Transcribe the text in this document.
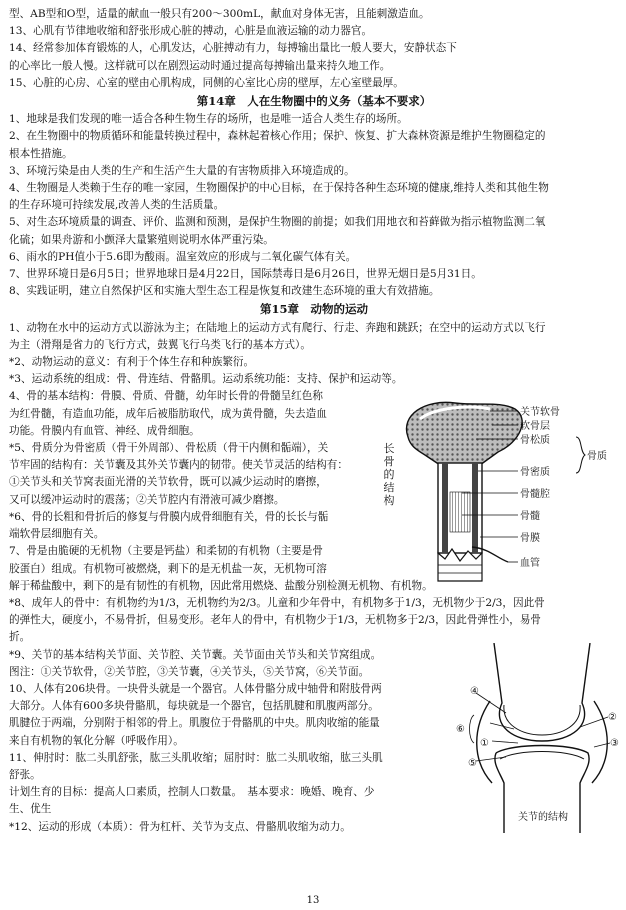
型、AB型和O型，适量的献血一般只有200～300mL，献血对身体无害，且能刺激造血。

13、心肌有节律地收缩和舒张形成心脏的搏动，心脏是血液运输的动力器官。

14、经常参加体育锻炼的人，心肌发达，心脏搏动有力，每搏输出量比一般人要大，安静状态下

的心率比一般人慢。这样就可以在剧烈运动时通过提高每搏输出量来持久地工作。

15、心脏的心房、心室的壁由心肌构成，同侧的心室比心房的壁厚，左心室壁最厚。

第14章　人在生物圈中的义务（基本不要求）

1、地球是我们发现的唯一适合各种生物生存的场所，也是唯一适合人类生存的场所。

2、在生物圈中的物质循环和能量转换过程中，森林起着核心作用；保护、恢复、扩大森林资源是维护生物圈稳定的

根本性措施。

3、环境污染是由人类的生产和生活产生大量的有害物质排入环境造成的。

4、生物圈是人类赖于生存的唯一家园，生物圈保护的中心目标，在于保持各种生态环境的健康,维持人类和其他生物

的生存环境可持续发展,改善人类的生活质量。

5、对生态环境质量的调查、评价、监测和预测，是保护生物圈的前提；如我们用地衣和苔藓做为指示植物监测二氧

化硫；如果舟游和小颤泽大量繁殖则说明水体严重污染。

6、雨水的PH值小于5.6即为酸雨。温室效应的形成与二氧化碳气体有关。

7、世界环境日是6月5日；世界地球日是4月22日，国际禁毒日是6月26日，世界无烟日是5月31日。

8、实践证明，建立自然保护区和实施大型生态工程是恢复和改建生态环境的重大有效措施。

第15章　动物的运动

1、动物在水中的运动方式以游泳为主；在陆地上的运动方式有爬行、行走、奔跑和跳跃；在空中的运动方式以飞行

为主（滑翔是省力的飞行方式，鼓翼飞行乌类飞行的基本方式）。

*2、动物运动的意义：有利于个体生存和种族繁衍。

*3、运动系统的组成：骨、骨连结、骨骼肌。运动系统功能：支持、保护和运动等。

4、骨的基本结构：骨膜、骨质、骨髓，幼年时长骨的骨髓呈红色称

为红骨髓，有造血功能，成年后被脂肪取代，成为黄骨髓，失去造血

功能。骨膜内有血管、神经、成骨细胞。

*5、骨质分为骨密质（骨干外周部）、骨松质（骨干内侧和骺端），关

节牢固的结构有：关节囊及其外关节囊内的韧带。使关节灵活的结构有：

①关节头和关节窝表面光滑的关节软骨，既可以减少运动时的磨擦，

又可以缓冲运动时的震荡；②关节腔内有滑液可减少磨擦。

*6、骨的长粗和骨折后的修复与骨膜内成骨细胞有关，骨的长长与骺

端软骨层细胞有关。

7、骨是由脆硬的无机物（主要是钙盐）和柔韧的有机物（主要是骨

胶蛋白）组成。有机物可被燃烧，剩下的是无机盐一灰，无机物可溶

解于稀盐酸中，剩下的是有韧性的有机物，因此常用燃烧、盐酸分别检测无机物、有机物。

*8、成年人的骨中：有机物约为1/3，无机物约为2/3。儿童和少年骨中，有机物多于1/3，无机物少于2/3，因此骨

的弹性大，硬度小，不易骨折，但易变形。老年人的骨中，有机物少于1/3，无机物多于2/3，因此骨弹性小，易骨

折。

*9、关节的基本结构关节面、关节腔、关节囊。关节面由关节头和关节窝组成。

图注：①关节软骨，②关节腔，③关节囊，④关节头，⑤关节窝，⑥关节面。

10、人体有206块骨。一块骨头就是一个器官。人体骨骼分成中轴骨和附肢骨两

大部分。人体有600多块骨骼肌，每块就是一个器官，包括肌腱和肌腹两部分。

肌腱位于两端，分别附于相邻的骨上。肌腹位于骨骼肌的中央。肌肉收缩的能量

来自有机物的氧化分解（呼吸作用）。

11、伸肘时：肱二头肌舒张，肱三头肌收缩；屈肘时：肱二头肌收缩，肱三头肌

舒张。

计划生育的目标：提高人口素质，控制人口数量。　基本要求：晚婚、晚育、少

生、优生

*12、运动的形成（本质）：骨为杠杆、关节为支点、骨骼肌收缩为动力。

长骨的结构
关节软骨
软骨层
骨松质
骨密质
骨髓腔
骨髓
骨膜
血管
骨质
④
⑥
①
②
③
⑤
关节的结构
13
